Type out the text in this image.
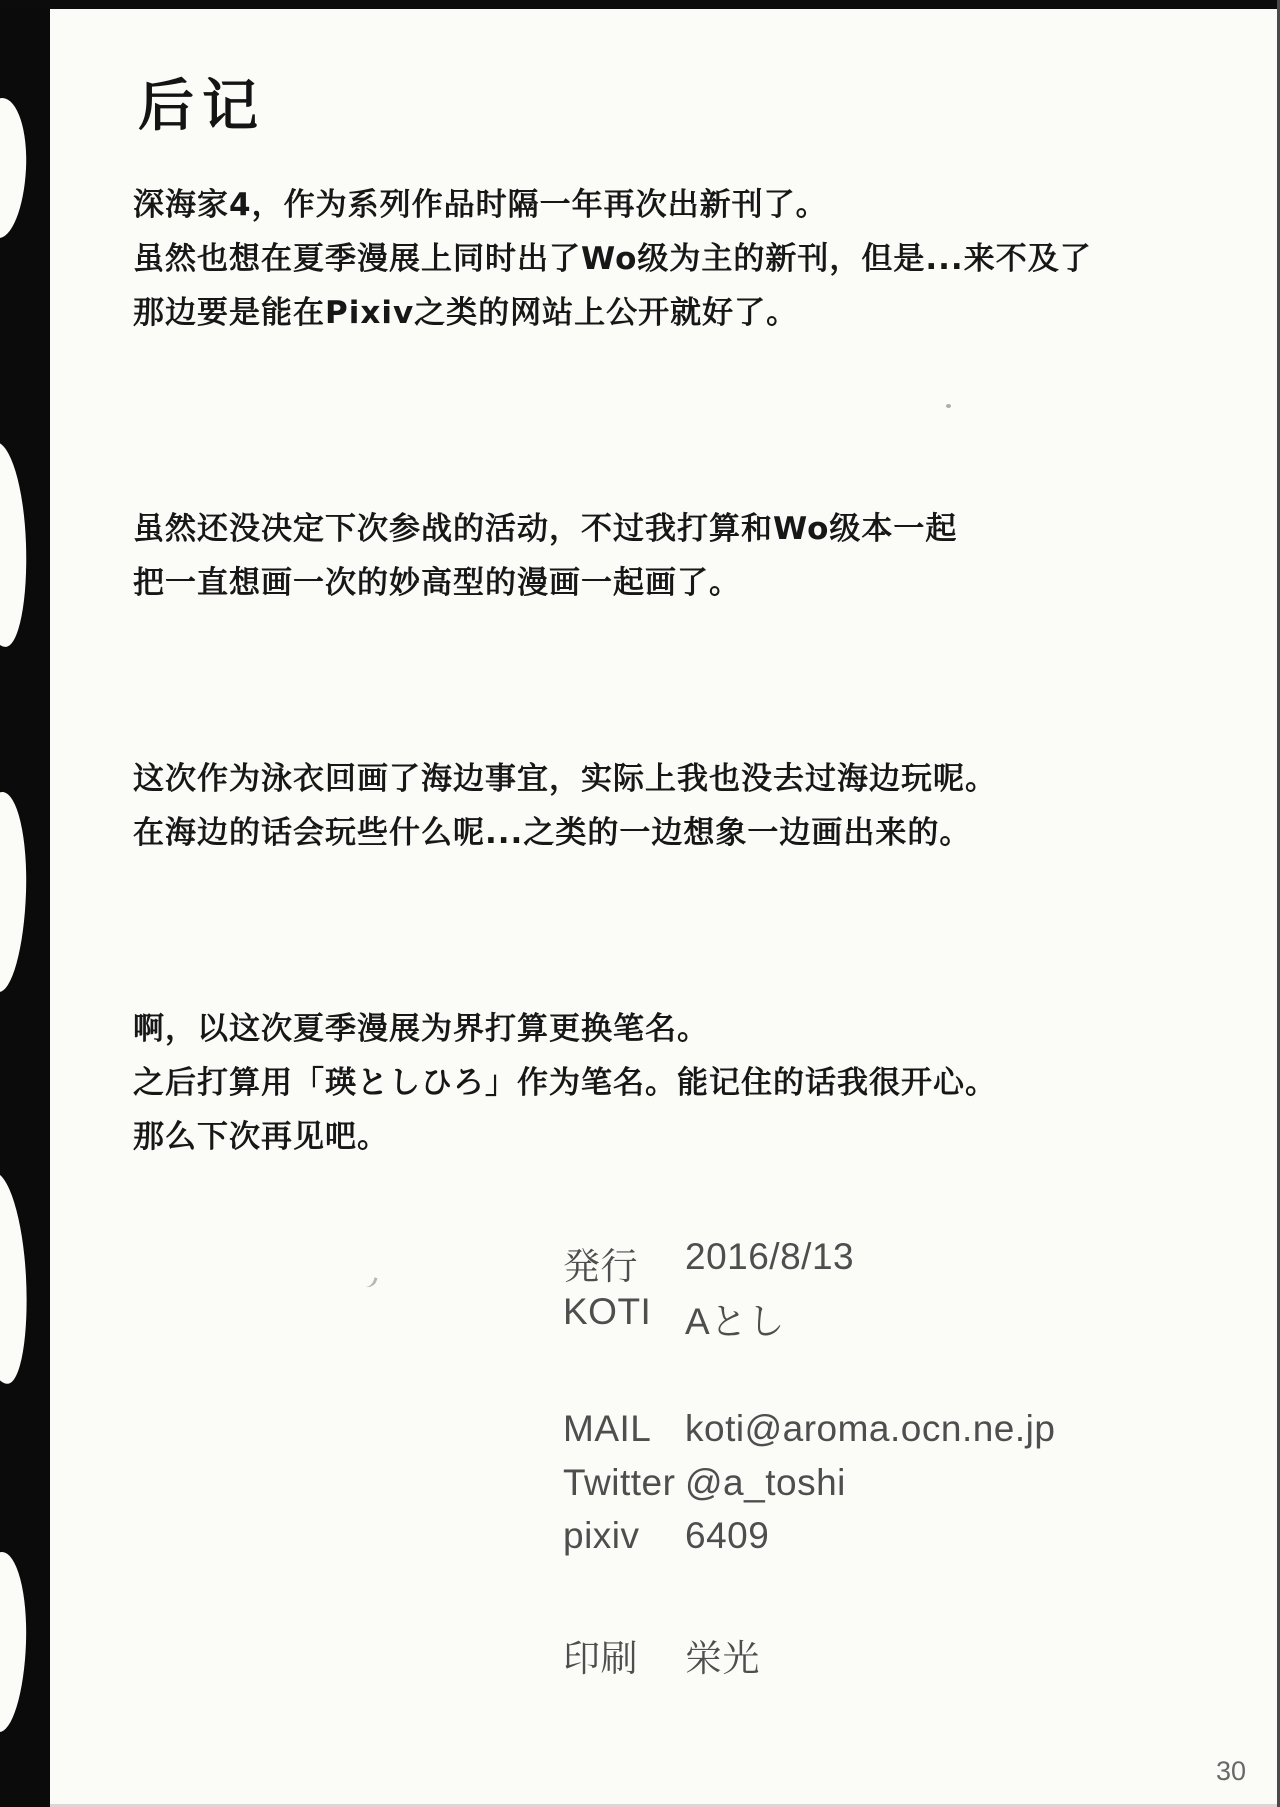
后记
深海家4，作为系列作品时隔一年再次出新刊了。
虽然也想在夏季漫展上同时出了Wo级为主的新刊，但是...来不及了
那边要是能在Pixiv之类的网站上公开就好了。
虽然还没决定下次参战的活动，不过我打算和Wo级本一起
把一直想画一次的妙高型的漫画一起画了。
这次作为泳衣回画了海边事宜，实际上我也没去过海边玩呢。
在海边的话会玩些什么呢...之类的一边想象一边画出来的。
啊，以这次夏季漫展为界打算更换笔名。
之后打算用「瑛としひろ」作为笔名。能记住的话我很开心。
那么下次再见吧。
発行	2016/8/13
KOTI Aとし
MAIL koti@aroma.ocn.ne.jp
Twitter @a_toshi
pixiv	6409
印刷	栄光
30
